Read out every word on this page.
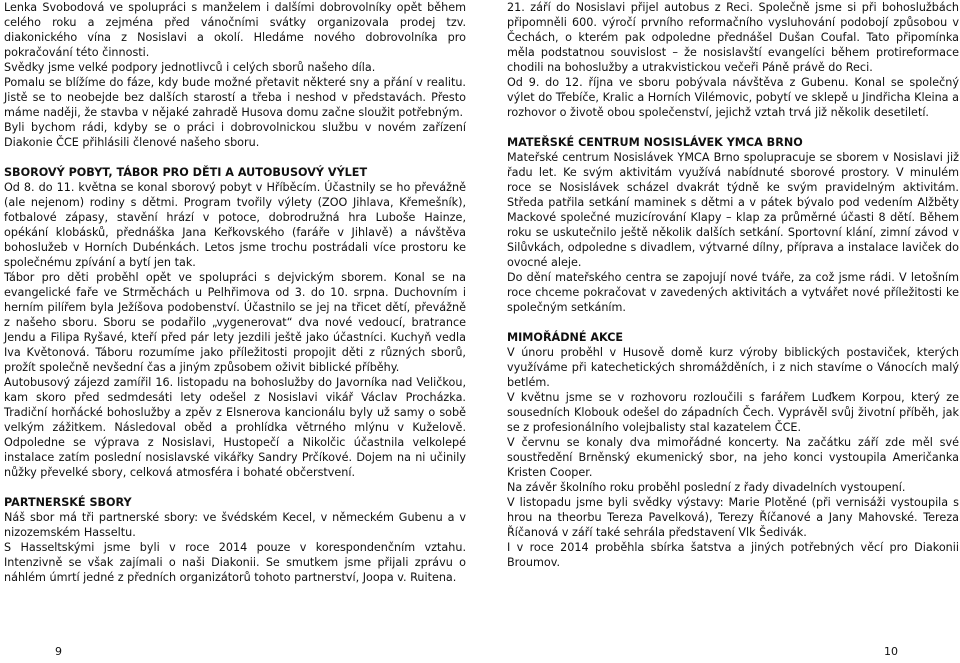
Lenka Svobodová ve spolupráci s manželem i dalšími dobrovolníky opět během celého roku a zejména před vánočními svátky organizovala prodej tzv. diakonického vína z Nosislavi a okolí. Hledáme nového dobrovolníka pro pokračování této činnosti.

Svědky jsme velké podpory jednotlivců i celých sborů našeho díla.

Pomalu se blížíme do fáze, kdy bude možné přetavit některé sny a přání v realitu. Jistě se to neobejde bez dalších starostí a třeba i neshod v představách. Přesto máme naději, že stavba v nějaké zahradě Husova domu začne sloužit potřebným.

Byli bychom rádi, kdyby se o práci i dobrovolnickou službu v novém zařízení Diakonie ČCE přihlásili členové našeho sboru.

SBOROVÝ POBYT, TÁBOR PRO DĚTI A AUTOBUSOVÝ VÝLET

Od 8. do 11. května se konal sborový pobyt v Hříběcím. Účastnily se ho převážně (ale nejenom) rodiny s dětmi. Program tvořily výlety (ZOO Jihlava, Křemešník), fotbalové zápasy, stavění hrází v potoce, dobrodružná hra Luboše Hainze, opékání klobásků, přednáška Jana Keřkovského (faráře v Jihlavě) a návštěva bohoslužeb v Horních Dubénkách. Letos jsme trochu postrádali více prostoru ke společnému zpívání a bytí jen tak.

Tábor pro děti proběhl opět ve spolupráci s dejvickým sborem. Konal se na evangelické faře ve Strměchách u Pelhřimova od 3. do 10. srpna. Duchovním i herním pilířem byla Ježíšova podobenství. Účastnilo se jej na třicet dětí, převážně z našeho sboru. Sboru se podařilo „vygenerovat“ dva nové vedoucí, bratrance Jendu a Filipa Ryšavé, kteří před pár lety jezdili ještě jako účastníci. Kuchyň vedla Iva Květonová. Táboru rozumíme jako příležitosti propojit děti z různých sborů, prožít společně nevšední čas a jiným způsobem oživit biblické příběhy.

Autobusový zájezd zamířil 16. listopadu na bohoslužby do Javorníka nad Veličkou, kam skoro před sedmdesáti lety odešel z Nosislavi vikář Václav Procházka. Tradiční horňácké bohoslužby a zpěv z Elsnerova kancionálu byly už samy o sobě velkým zážitkem. Následoval oběd a prohlídka větrného mlýnu v Kuželově. Odpoledne se výprava z Nosislavi, Hustopečí a Nikolčic účastnila velkolepé instalace zatím poslední nosislavské vikářky Sandry Prčíkové. Dojem na ni učinily nůžky převelké sbory, celková atmosféra i bohaté občerstvení.

PARTNERSKÉ SBORY

Náš sbor má tři partnerské sbory: ve švédském Kecel, v německém Gubenu a v nizozemském Hasseltu.

S Hasseltskými jsme byli v roce 2014 pouze v korespondenčním vztahu. Intenzivně se však zajímali o naši Diakonii. Se smutkem jsme přijali zprávu o náhlém úmrtí jedné z předních organizátorů tohoto partnerství, Joopa v. Ruitena.

21. září do Nosislavi přijel autobus z Reci. Společně jsme si při bohoslužbách připomněli 600. výročí prvního reformačního vysluhování podobojí způsobou v Čechách, o kterém pak odpoledne přednášel Dušan Coufal. Tato připomínka měla podstatnou souvislost – že nosislavští evangelíci během protireformace chodili na bohoslužby a utrakvistickou večeři Páně právě do Reci.

Od 9. do 12. října ve sboru pobývala návštěva z Gubenu. Konal se společný výlet do Třebíče, Kralic a Horních Vilémovic, pobytí ve sklepě u Jindřicha Kleina a rozhovor o životě obou společenství, jejichž vztah trvá již několik desetiletí.

MATEŘSKÉ CENTRUM NOSISLÁVEK YMCA BRNO

Mateřské centrum Nosislávek YMCA Brno spolupracuje se sborem v Nosislavi již řadu let. Ke svým aktivitám využívá nabídnuté sborové prostory. V minulém roce se Nosislávek scházel dvakrát týdně ke svým pravidelným aktivitám. Středa patřila setkání maminek s dětmi a v pátek bývalo pod vedením Alžběty Mackové společné muzicírování Klapy – klap za průměrné účasti 8 dětí. Během roku se uskutečnilo ještě několik dalších setkání. Sportovní klání, zimní závod v Silůvkách, odpoledne s divadlem, výtvarné dílny, příprava a instalace laviček do ovocné aleje.

Do dění mateřského centra se zapojují nové tváře, za což jsme rádi. V letošním roce chceme pokračovat v zavedených aktivitách a vytvářet nové příležitosti ke společným setkáním.

MIMOŘÁDNÉ AKCE

V únoru proběhl v Husově domě kurz výroby biblických postaviček, kterých využíváme při katechetických shromážděních, i z nich stavíme o Vánocích malý betlém.

V květnu jsme se v rozhovoru rozloučili s farářem Luďkem Korpou, který ze sousedních Klobouk odešel do západních Čech. Vyprávěl svůj životní příběh, jak se z profesionálního volejbalisty stal kazatelem ČCE.

V červnu se konaly dva mimořádné koncerty. Na začátku září zde měl své soustředění Brněnský ekumenický sbor, na jeho konci vystoupila Američanka Kristen Cooper.

Na závěr školního roku proběhl poslední z řady divadelních vystoupení.

V listopadu jsme byli svědky výstavy: Marie Plotěné (při vernisáži vystoupila s hrou na theorbu Tereza Pavelková), Terezy Říčanové a Jany Mahovské. Tereza Říčanová v září také sehrála představení Vlk Šedivák.

I v roce 2014 proběhla sbírka šatstva a jiných potřebných věcí pro Diakonii Broumov.

9	10
